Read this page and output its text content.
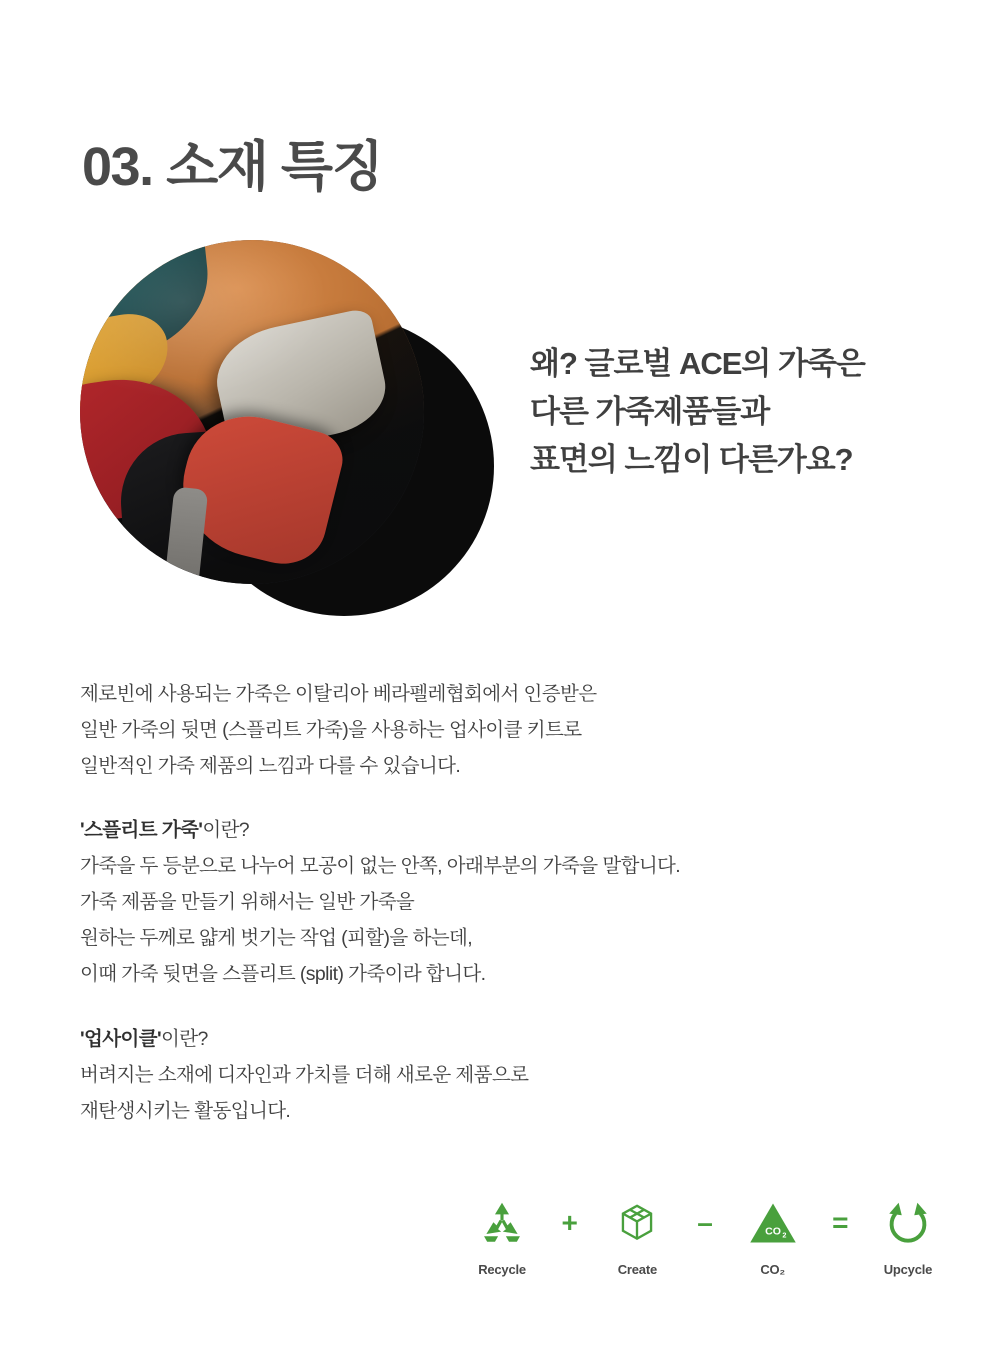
03. 소재 특징
왜? 글로벌 ACE의 가죽은
다른 가죽제품들과
표면의 느낌이 다른가요?
제로빈에 사용되는 가죽은 이탈리아 베라펠레협회에서 인증받은
일반 가죽의 뒷면 (스플리트 가죽)을 사용하는 업사이클 키트로
일반적인 가죽 제품의 느낌과 다를 수 있습니다.
'스플리트 가죽'이란?
가죽을 두 등분으로 나누어 모공이 없는 안쪽, 아래부분의 가죽을 말합니다.
가죽 제품을 만들기 위해서는 일반 가죽을
원하는 두께로 얇게 벗기는 작업 (피할)을 하는데,
이때 가죽 뒷면을 스플리트 (split) 가죽이라 합니다.
'업사이클'이란?
버려지는 소재에 디자인과 가치를 더해 새로운 제품으로
재탄생시키는 활동입니다.
Recycle
+
Create
–	CO 2
CO₂
=
Upcycle
